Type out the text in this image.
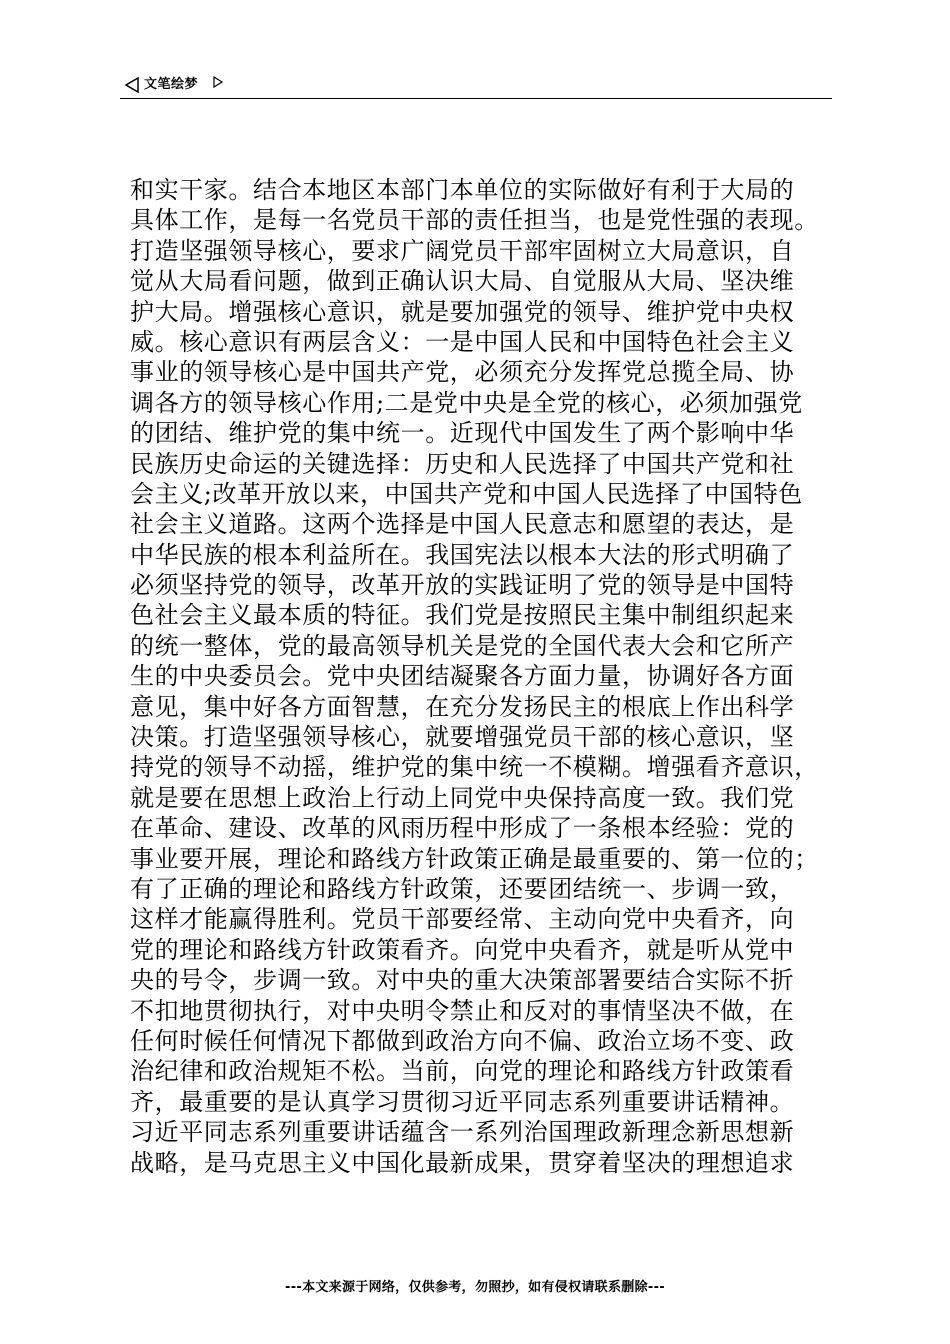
文笔绘梦
和实干家。结合本地区本部门本单位的实际做好有利于大局的
具体工作，是每一名党员干部的责任担当，也是党性强的表现。
打造坚强领导核心，要求广阔党员干部牢固树立大局意识，自
觉从大局看问题，做到正确认识大局、自觉服从大局、坚决维
护大局。增强核心意识，就是要加强党的领导、维护党中央权
威。核心意识有两层含义：一是中国人民和中国特色社会主义
事业的领导核心是中国共产党，必须充分发挥党总揽全局、协
调各方的领导核心作用;二是党中央是全党的核心，必须加强党
的团结、维护党的集中统一。近现代中国发生了两个影响中华
民族历史命运的关键选择：历史和人民选择了中国共产党和社
会主义;改革开放以来，中国共产党和中国人民选择了中国特色
社会主义道路。这两个选择是中国人民意志和愿望的表达，是
中华民族的根本利益所在。我国宪法以根本大法的形式明确了
必须坚持党的领导，改革开放的实践证明了党的领导是中国特
色社会主义最本质的特征。我们党是按照民主集中制组织起来
的统一整体，党的最高领导机关是党的全国代表大会和它所产
生的中央委员会。党中央团结凝聚各方面力量，协调好各方面
意见，集中好各方面智慧，在充分发扬民主的根底上作出科学
决策。打造坚强领导核心，就要增强党员干部的核心意识，坚
持党的领导不动摇，维护党的集中统一不模糊。增强看齐意识，
就是要在思想上政治上行动上同党中央保持高度一致。我们党
在革命、建设、改革的风雨历程中形成了一条根本经验：党的
事业要开展，理论和路线方针政策正确是最重要的、第一位的；
有了正确的理论和路线方针政策，还要团结统一、步调一致，
这样才能赢得胜利。党员干部要经常、主动向党中央看齐，向
党的理论和路线方针政策看齐。向党中央看齐，就是听从党中
央的号令，步调一致。对中央的重大决策部署要结合实际不折
不扣地贯彻执行，对中央明令禁止和反对的事情坚决不做，在
任何时候任何情况下都做到政治方向不偏、政治立场不变、政
治纪律和政治规矩不松。当前，向党的理论和路线方针政策看
齐，最重要的是认真学习贯彻习近平同志系列重要讲话精神。
习近平同志系列重要讲话蕴含一系列治国理政新理念新思想新
战略，是马克思主义中国化最新成果，贯穿着坚决的理想追求
---本文来源于网络，仅供参考，勿照抄，如有侵权请联系删除---
